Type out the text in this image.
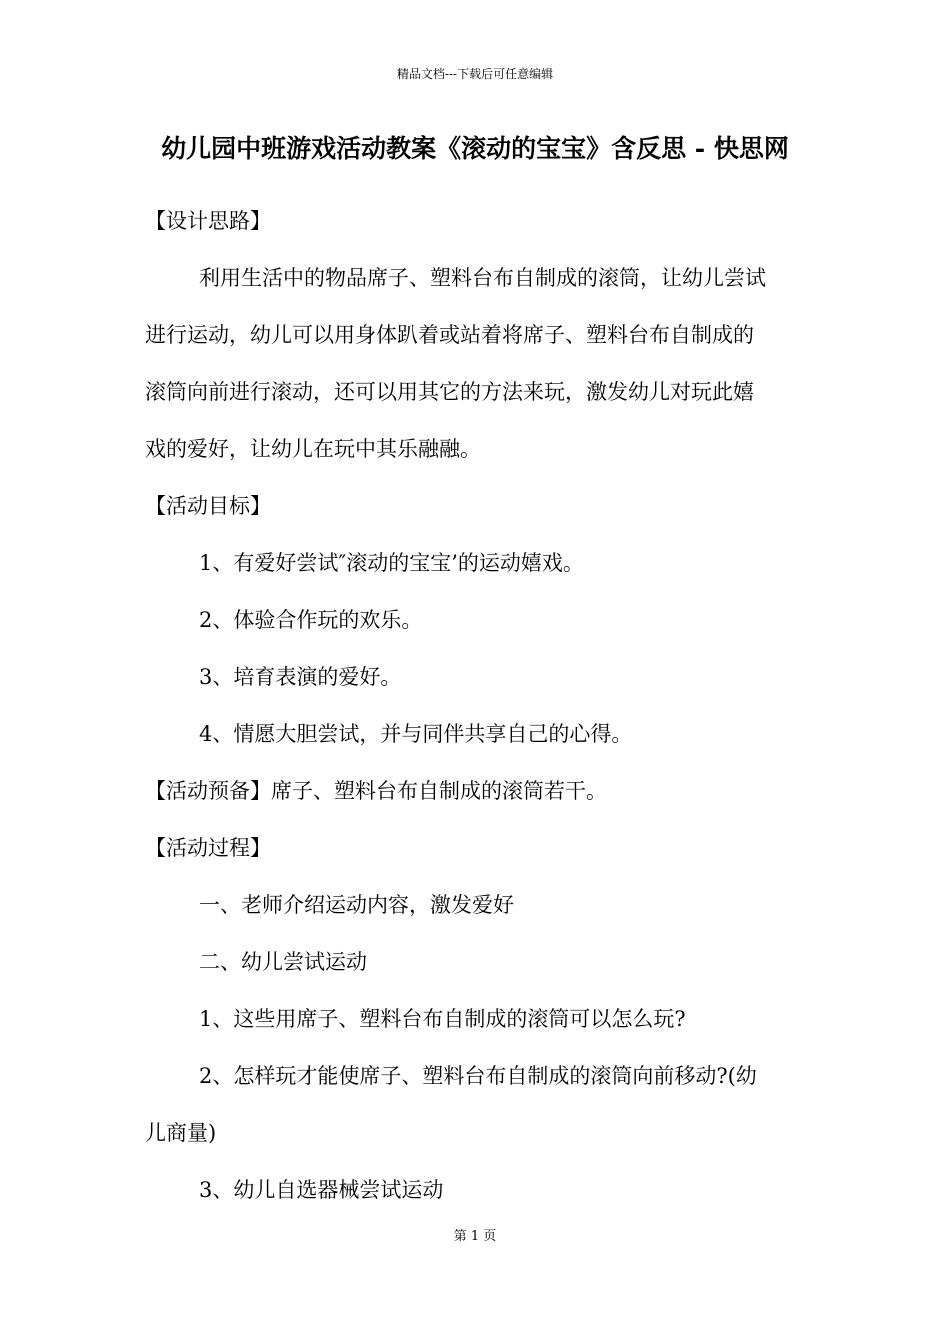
精品文档---下载后可任意编辑
幼儿园中班游戏活动教案《滚动的宝宝》含反思 - 快思网
【设计思路】
利用生活中的物品席子、塑料台布自制成的滚筒，让幼儿尝试
进行运动，幼儿可以用身体趴着或站着将席子、塑料台布自制成的
滚筒向前进行滚动，还可以用其它的方法来玩，激发幼儿对玩此嬉
戏的爱好，让幼儿在玩中其乐融融。
【活动目标】
1、有爱好尝试″滚动的宝宝’的运动嬉戏。
2、体验合作玩的欢乐。
3、培育表演的爱好。
4、情愿大胆尝试，并与同伴共享自己的心得。
【活动预备】席子、塑料台布自制成的滚筒若干。
【活动过程】
一、老师介绍运动内容，激发爱好
二、幼儿尝试运动
1、这些用席子、塑料台布自制成的滚筒可以怎么玩?
2、怎样玩才能使席子、塑料台布自制成的滚筒向前移动?(幼
儿商量)
3、幼儿自选器械尝试运动
第 1 页
